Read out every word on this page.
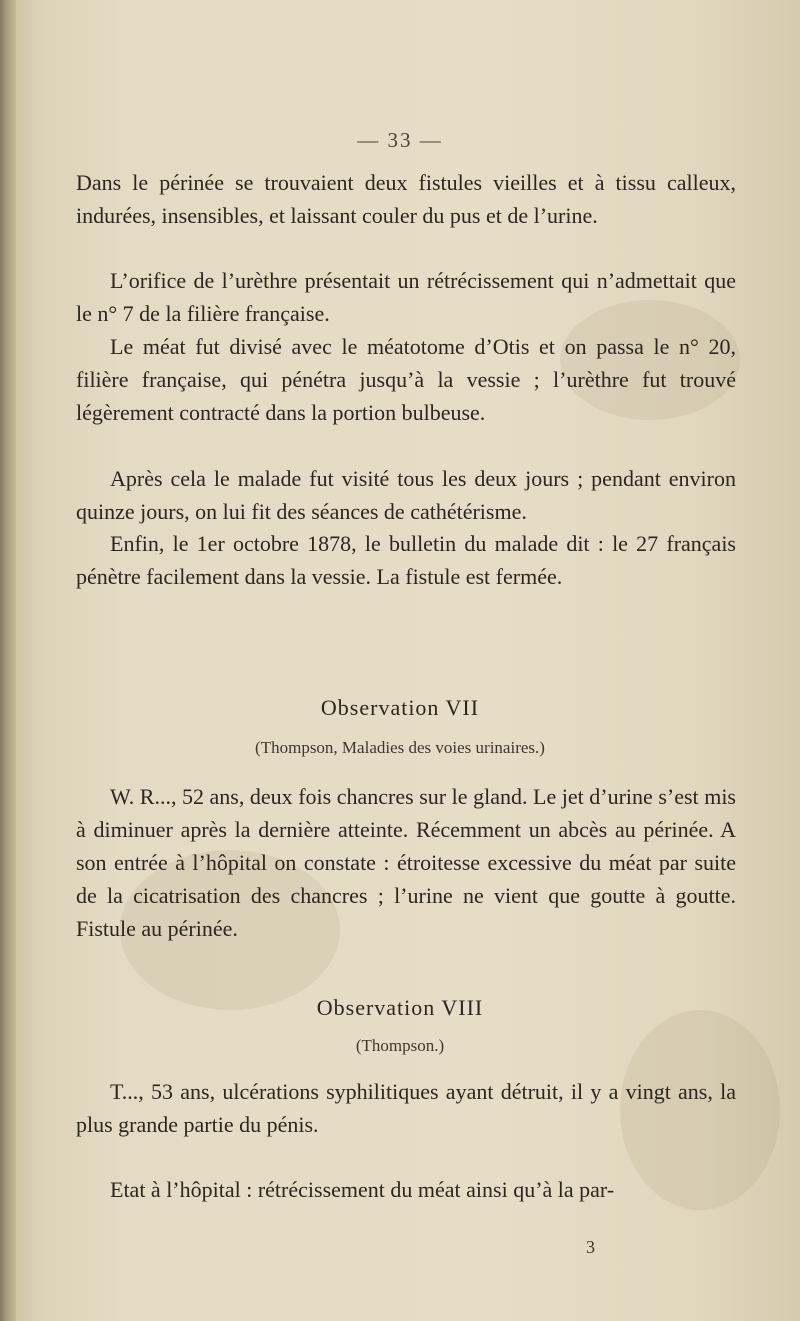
— 33 —

Dans le périnée se trouvaient deux fistules vieilles et à tissu calleux, indurées, insensibles, et laissant couler du pus et de l’urine.

L’orifice de l’urèthre présentait un rétrécissement qui n’admettait que le n° 7 de la filière française.

Le méat fut divisé avec le méatotome d’Otis et on passa le n° 20, filière française, qui pénétra jusqu’à la vessie ; l’urèthre fut trouvé légèrement contracté dans la portion bulbeuse.

Après cela le malade fut visité tous les deux jours ; pendant environ quinze jours, on lui fit des séances de cathétérisme.

Enfin, le 1er octobre 1878, le bulletin du malade dit : le 27 français pénètre facilement dans la vessie. La fistule est fermée.

Observation VII
(Thompson, Maladies des voies urinaires.)

W. R..., 52 ans, deux fois chancres sur le gland. Le jet d’urine s’est mis à diminuer après la dernière atteinte. Récemment un abcès au périnée. A son entrée à l’hôpital on constate : étroitesse excessive du méat par suite de la cicatrisation des chancres ; l’urine ne vient que goutte à goutte. Fistule au périnée.

Observation VIII
(Thompson.)

T..., 53 ans, ulcérations syphilitiques ayant détruit, il y a vingt ans, la plus grande partie du pénis.

Etat à l’hôpital : rétrécissement du méat ainsi qu’à la par-

3
